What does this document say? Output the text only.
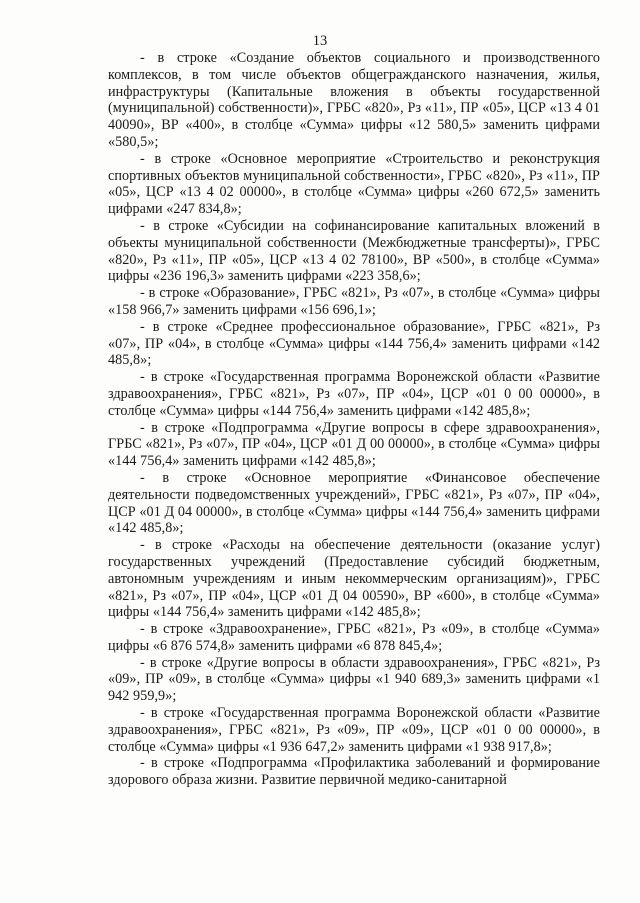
13

- в строке «Создание объектов социального и производственного комплексов, в том числе объектов общегражданского назначения, жилья, инфраструктуры (Капитальные вложения в объекты государственной (муниципальной) собственности)», ГРБС «820», Рз «11», ПР «05», ЦСР «13 4 01 40090», ВР «400», в столбце «Сумма» цифры «12 580,5» заменить цифрами «580,5»;

- в строке «Основное мероприятие «Строительство и реконструкция спортивных объектов муниципальной собственности», ГРБС «820», Рз «11», ПР «05», ЦСР «13 4 02 00000», в столбце «Сумма» цифры «260 672,5» заменить цифрами «247 834,8»;

- в строке «Субсидии на софинансирование капитальных вложений в объекты муниципальной собственности (Межбюджетные трансферты)», ГРБС «820», Рз «11», ПР «05», ЦСР «13 4 02 78100», ВР «500», в столбце «Сумма» цифры «236 196,3» заменить цифрами «223 358,6»;

- в строке «Образование», ГРБС «821», Рз «07», в столбце «Сумма» цифры «158 966,7» заменить цифрами «156 696,1»;

- в строке «Среднее профессиональное образование», ГРБС «821», Рз «07», ПР «04», в столбце «Сумма» цифры «144 756,4» заменить цифрами «142 485,8»;

- в строке «Государственная программа Воронежской области «Развитие здравоохранения», ГРБС «821», Рз «07», ПР «04», ЦСР «01 0 00 00000», в столбце «Сумма» цифры «144 756,4» заменить цифрами «142 485,8»;

- в строке «Подпрограмма «Другие вопросы в сфере здравоохранения», ГРБС «821», Рз «07», ПР «04», ЦСР «01 Д 00 00000», в столбце «Сумма» цифры «144 756,4» заменить цифрами «142 485,8»;

- в строке «Основное мероприятие «Финансовое обеспечение деятельности подведомственных учреждений», ГРБС «821», Рз «07», ПР «04», ЦСР «01 Д 04 00000», в столбце «Сумма» цифры «144 756,4» заменить цифрами «142 485,8»;

- в строке «Расходы на обеспечение деятельности (оказание услуг) государственных учреждений (Предоставление субсидий бюджетным, автономным учреждениям и иным некоммерческим организациям)», ГРБС «821», Рз «07», ПР «04», ЦСР «01 Д 04 00590», ВР «600», в столбце «Сумма» цифры «144 756,4» заменить цифрами «142 485,8»;

- в строке «Здравоохранение», ГРБС «821», Рз «09», в столбце «Сумма» цифры «6 876 574,8» заменить цифрами «6 878 845,4»;

- в строке «Другие вопросы в области здравоохранения», ГРБС «821», Рз «09», ПР «09», в столбце «Сумма» цифры «1 940 689,3» заменить цифрами «1 942 959,9»;

- в строке «Государственная программа Воронежской области «Развитие здравоохранения», ГРБС «821», Рз «09», ПР «09», ЦСР «01 0 00 00000», в столбце «Сумма» цифры «1 936 647,2» заменить цифрами «1 938 917,8»;

- в строке «Подпрограмма «Профилактика заболеваний и формирование здорового образа жизни. Развитие первичной медико-санитарной
